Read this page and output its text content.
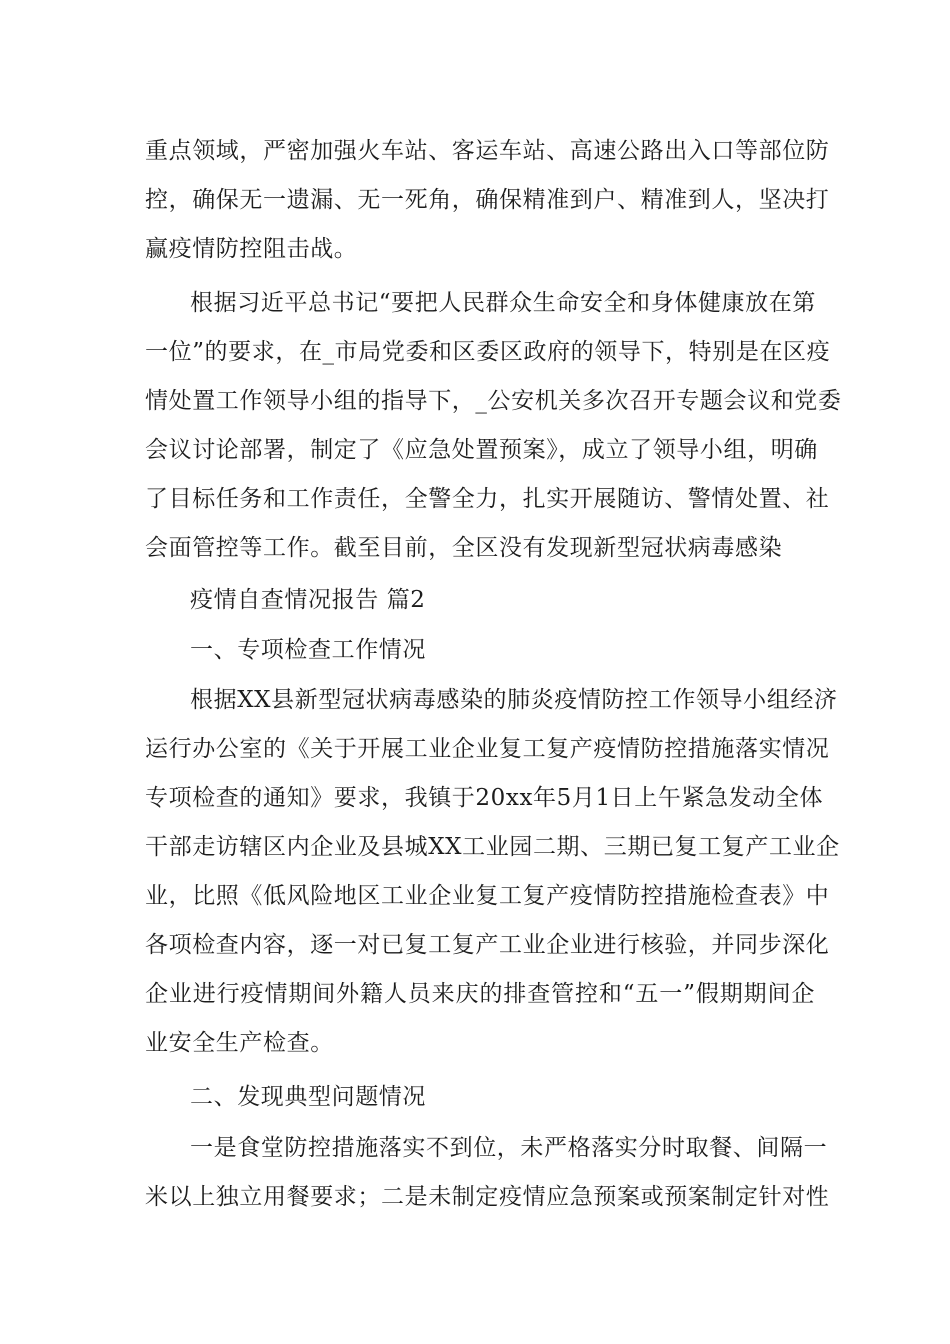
重点领域，严密加强火车站、客运车站、高速公路出入口等部位防
控，确保无一遗漏、无一死角，确保精准到户、精准到人，坚决打
赢疫情防控阻击战。
根据习近平总书记“要把人民群众生命安全和身体健康放在第
一位”的要求，在_市局党委和区委区政府的领导下，特别是在区疫
情处置工作领导小组的指导下，_公安机关多次召开专题会议和党委
会议讨论部署，制定了《应急处置预案》，成立了领导小组，明确
了目标任务和工作责任，全警全力，扎实开展随访、警情处置、社
会面管控等工作。截至目前，全区没有发现新型冠状病毒感染
疫情自查情况报告 篇2
一、专项检查工作情况
根据XX县新型冠状病毒感染的肺炎疫情防控工作领导小组经济
运行办公室的《关于开展工业企业复工复产疫情防控措施落实情况
专项检查的通知》要求，我镇于20xx年5月1日上午紧急发动全体
干部走访辖区内企业及县城XX工业园二期、三期已复工复产工业企
业，比照《低风险地区工业企业复工复产疫情防控措施检查表》中
各项检查内容，逐一对已复工复产工业企业进行核验，并同步深化
企业进行疫情期间外籍人员来庆的排查管控和“五一”假期期间企
业安全生产检查。
二、发现典型问题情况
一是食堂防控措施落实不到位，未严格落实分时取餐、间隔一
米以上独立用餐要求；二是未制定疫情应急预案或预案制定针对性
